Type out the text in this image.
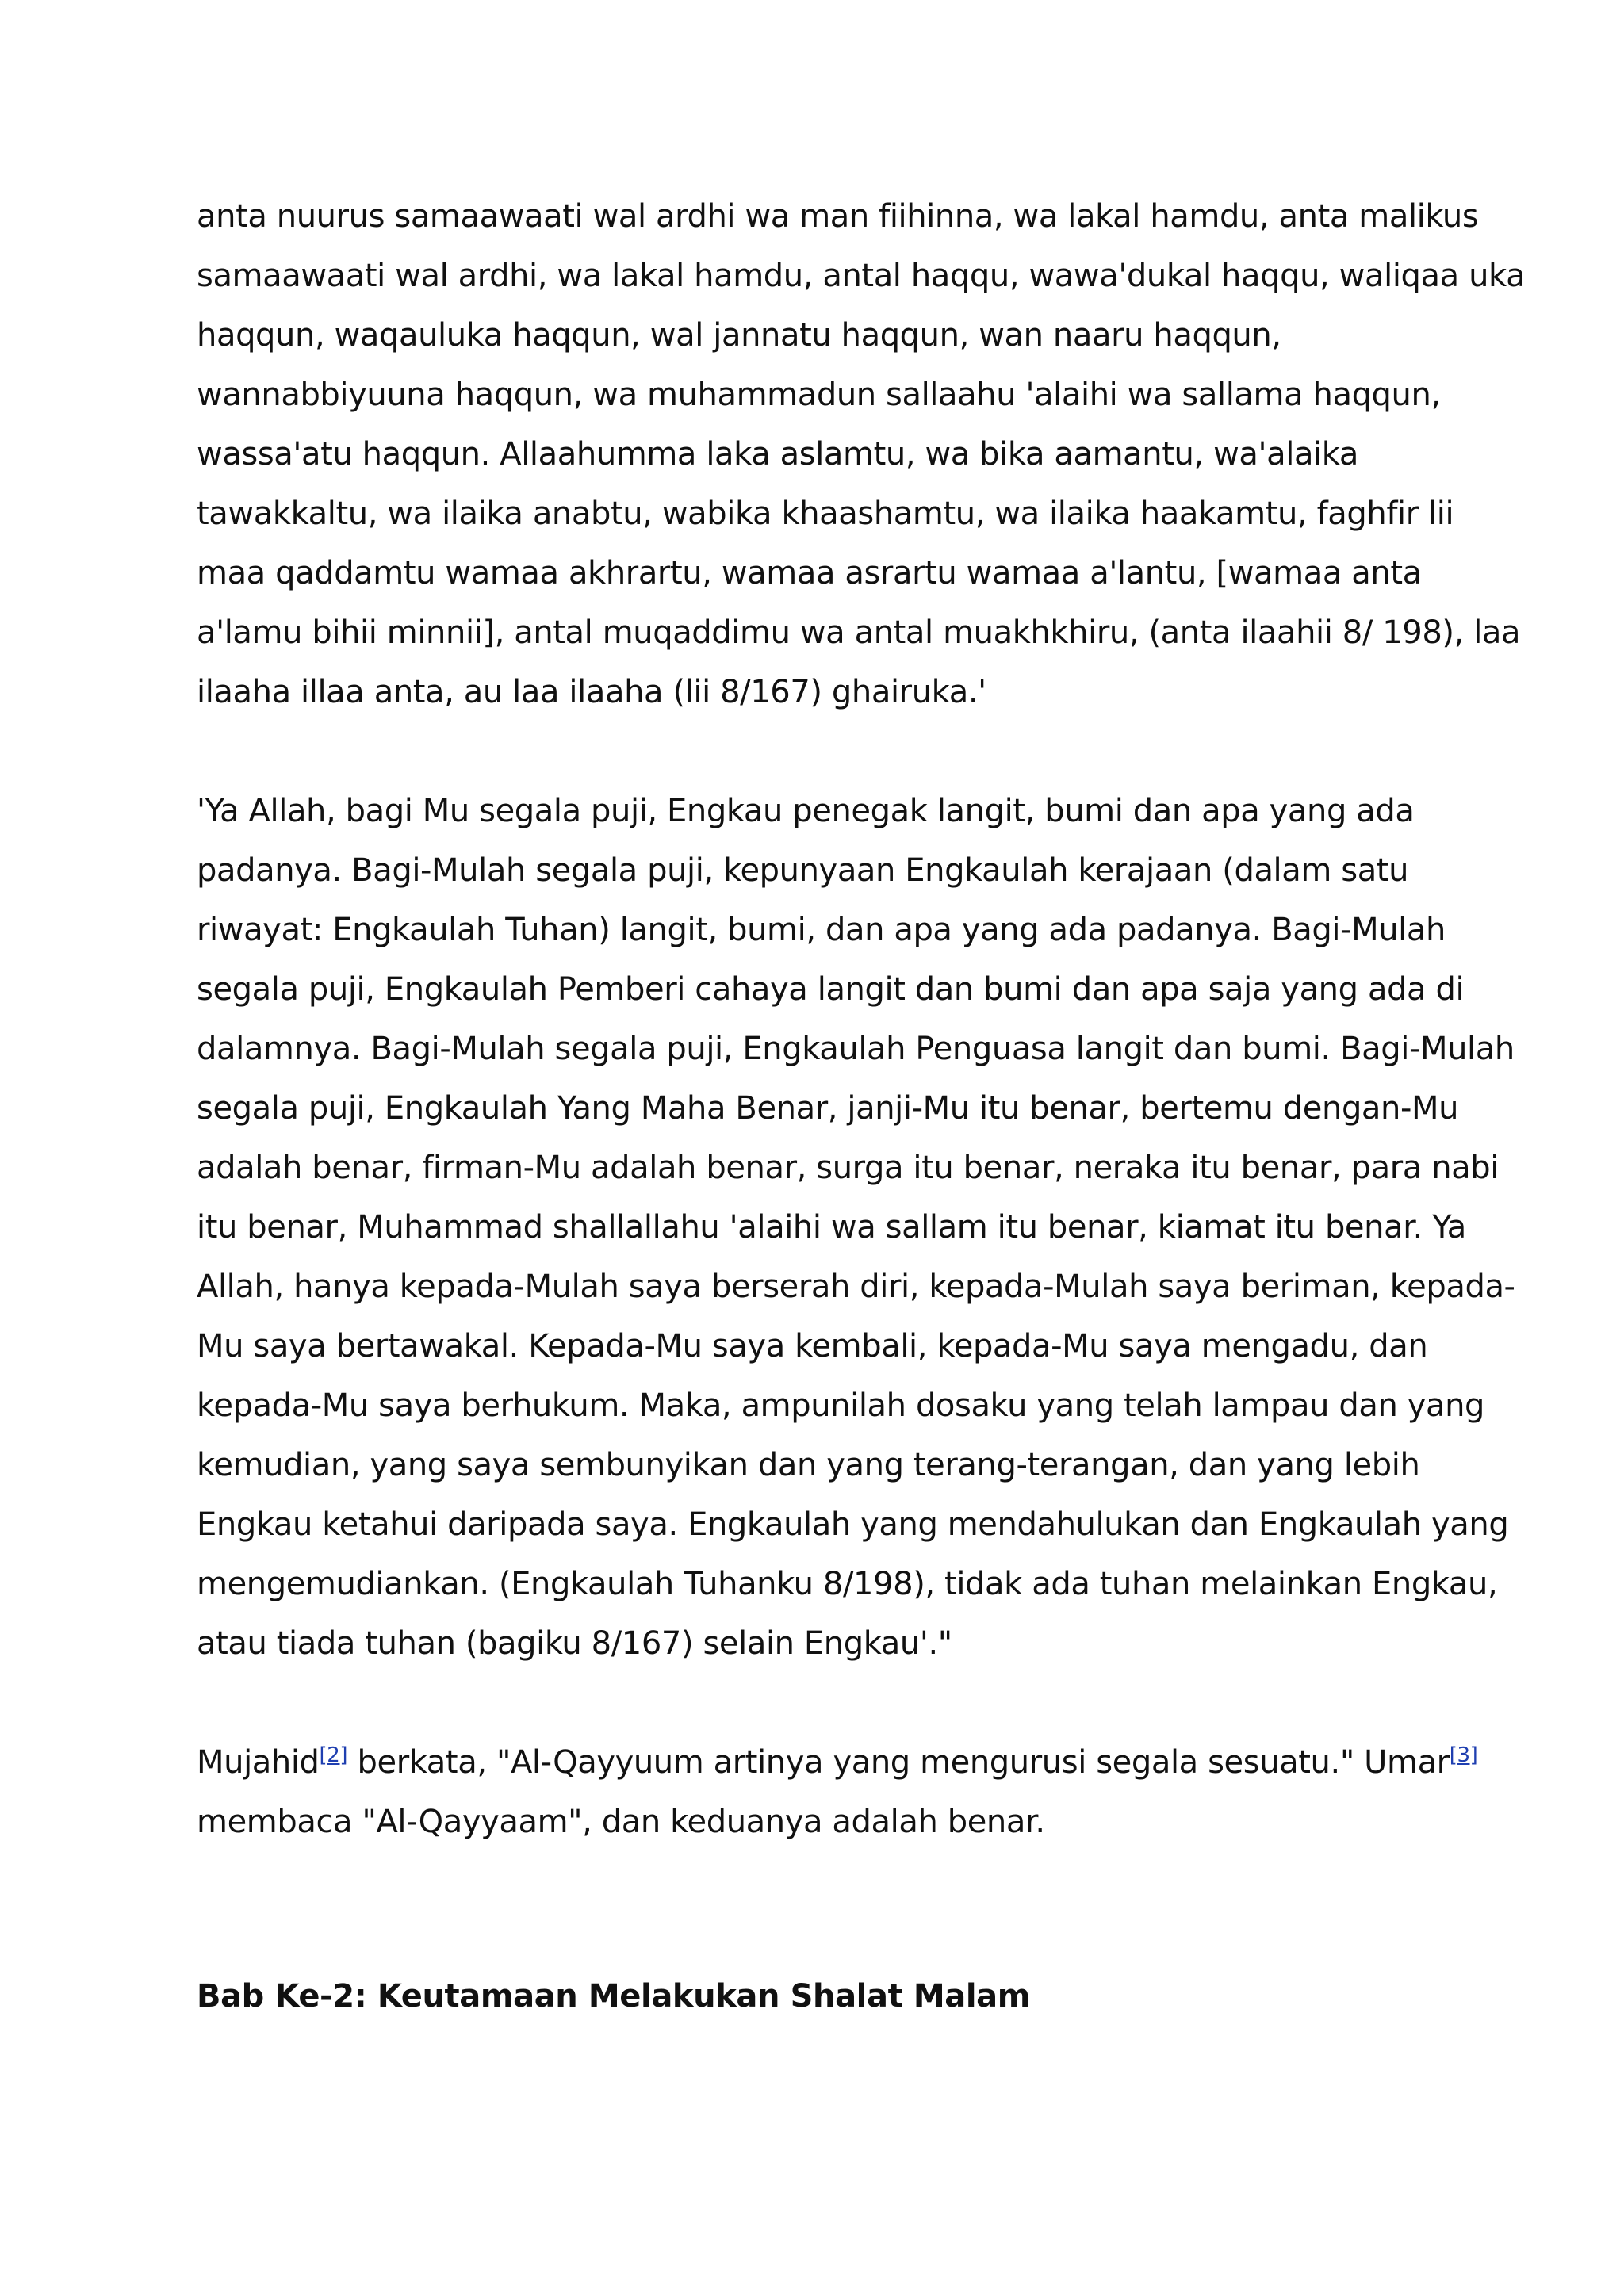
anta nuurus samaawaati wal ardhi wa man fiihinna, wa lakal hamdu, anta malikus
samaawaati wal ardhi, wa lakal hamdu, antal haqqu, wawa'dukal haqqu, waliqaa uka
haqqun, waqauluka haqqun, wal jannatu haqqun, wan naaru haqqun,
wannabbiyuuna haqqun, wa muhammadun sallaahu 'alaihi wa sallama haqqun,
wassa'atu haqqun. Allaahumma laka aslamtu, wa bika aamantu, wa'alaika
tawakkaltu, wa ilaika anabtu, wabika khaashamtu, wa ilaika haakamtu, faghfir lii
maa qaddamtu wamaa akhrartu, wamaa asrartu wamaa a'lantu, [wamaa anta
a'lamu bihii minnii], antal muqaddimu wa antal muakhkhiru, (anta ilaahii 8/ 198), laa
ilaaha illaa anta, au laa ilaaha (lii 8/167) ghairuka.'

'Ya Allah, bagi Mu segala puji, Engkau penegak langit, bumi dan apa yang ada
padanya. Bagi-Mulah segala puji, kepunyaan Engkaulah kerajaan (dalam satu
riwayat: Engkaulah Tuhan) langit, bumi, dan apa yang ada padanya. Bagi-Mulah
segala puji, Engkaulah Pemberi cahaya langit dan bumi dan apa saja yang ada di
dalamnya. Bagi-Mulah segala puji, Engkaulah Penguasa langit dan bumi. Bagi-Mulah
segala puji, Engkaulah Yang Maha Benar, janji-Mu itu benar, bertemu dengan-Mu
adalah benar, firman-Mu adalah benar, surga itu benar, neraka itu benar, para nabi
itu benar, Muhammad shallallahu 'alaihi wa sallam itu benar, kiamat itu benar. Ya
Allah, hanya kepada-Mulah saya berserah diri, kepada-Mulah saya beriman, kepada-
Mu saya bertawakal. Kepada-Mu saya kembali, kepada-Mu saya mengadu, dan
kepada-Mu saya berhukum. Maka, ampunilah dosaku yang telah lampau dan yang
kemudian, yang saya sembunyikan dan yang terang-terangan, dan yang lebih
Engkau ketahui daripada saya. Engkaulah yang mendahulukan dan Engkaulah yang
mengemudiankan. (Engkaulah Tuhanku 8/198), tidak ada tuhan melainkan Engkau,
atau tiada tuhan (bagiku 8/167) selain Engkau'."

Mujahid[2] berkata, "Al-Qayyuum artinya yang mengurusi segala sesuatu." Umar[3]
membaca "Al-Qayyaam", dan keduanya adalah benar.

Bab Ke-2: Keutamaan Melakukan Shalat Malam
